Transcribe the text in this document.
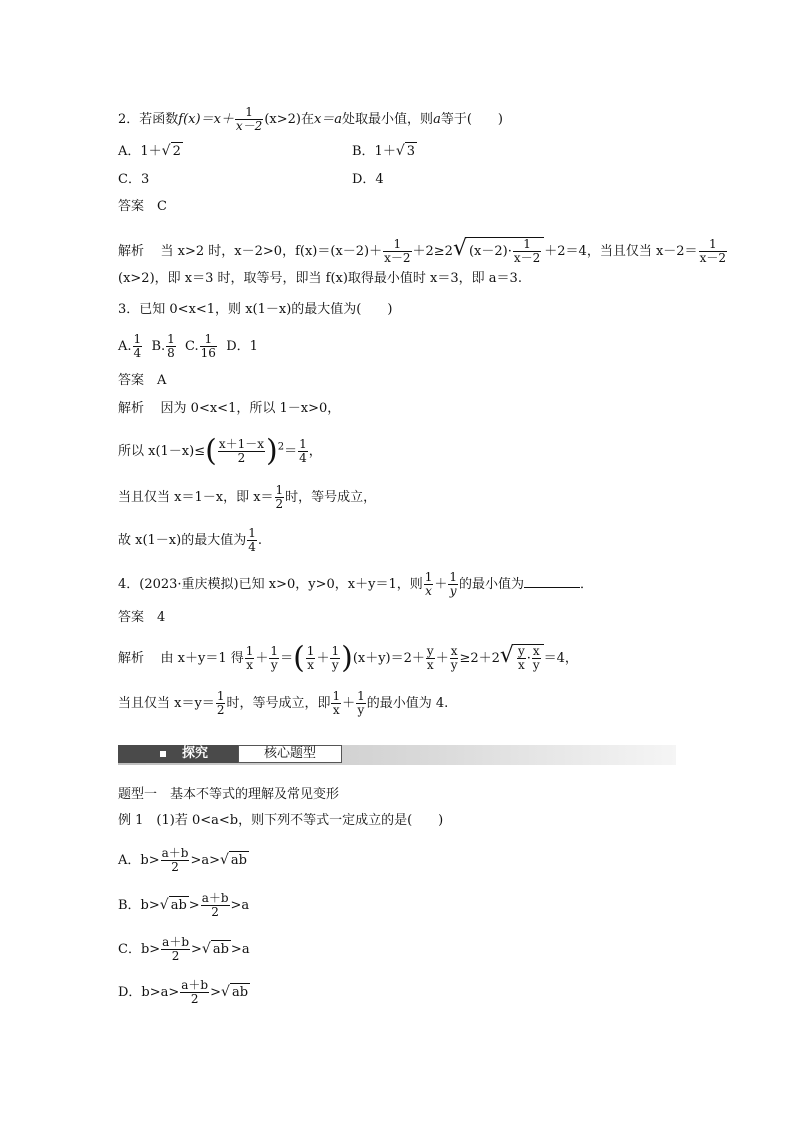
2．若函数$f(x)=x+ \frac{1}{x-2} (x>2)$在x＝a处取最小值，则a等于(　　)
A．1＋√ 2	B．1＋√ 3
C．3	D．4
答案　C
解析 当 x>2 时，x－2>0，$f(x)=(x-2)+ \frac{1}{x-2} +2\ge 2√$ $(x-2)\cdot \frac{1}{x-2} +2=4$，当且仅当 $x-2= \frac{1}{x-2}$
(x>2)，即 x＝3 时，取等号，即当 f(x)取得最小值时 x＝3，即 a＝3.
3．已知 0<x<1，则 x(1－x)的最大值为(　　)
A. $\frac{1}{4} B$. $\frac{1}{8} C$. $\frac{1}{16}$ D．1
答案　A
解析 因为 0<x<1，所以 1－x>0，
所以 $x(1-x)\le( \frac{x+1-x}{2} )^2= \frac{1}{4}$ ，
当且仅当 x＝1－x，即 $x= \frac{1}{2}$ 时，等号成立，
故 x(1－x)的最大值为 $\frac{1}{4}$ .
4．(2023·重庆模拟)已知 x>0，y>0，x＋y＝1，则 $\frac{1}{x} + \frac{1}{y}$ 的最小值为	．
答案　4
解析 由 x＋y＝1 得 $\frac{1}{x} + \frac{1}{y}$ ＝( $\frac{1}{x} + \frac{1}{y} )(x+y)=2+ \frac{y}{x} + \frac{x}{y} \ge 2+2√ \frac{y}{x} \cdot \frac{x}{y} =4$，
当且仅当 $x=y= \frac{1}{2}$ 时，等号成立，即 $\frac{1}{x} + \frac{1}{y}$ 的最小值为 4.
探究	核心题型
题型一　基本不等式的理解及常见变形
例 1　(1)若 0<a<b，则下列不等式一定成立的是(　　)
A．$b> \frac{a+b}{2} >a>√$ ab
B．b>√ ab > $\frac{a+b}{2} >a$
C．$b> \frac{a+b}{2}$ >√ ab >a
D．$b>a> \frac{a+b}{2}$ >√ ab
